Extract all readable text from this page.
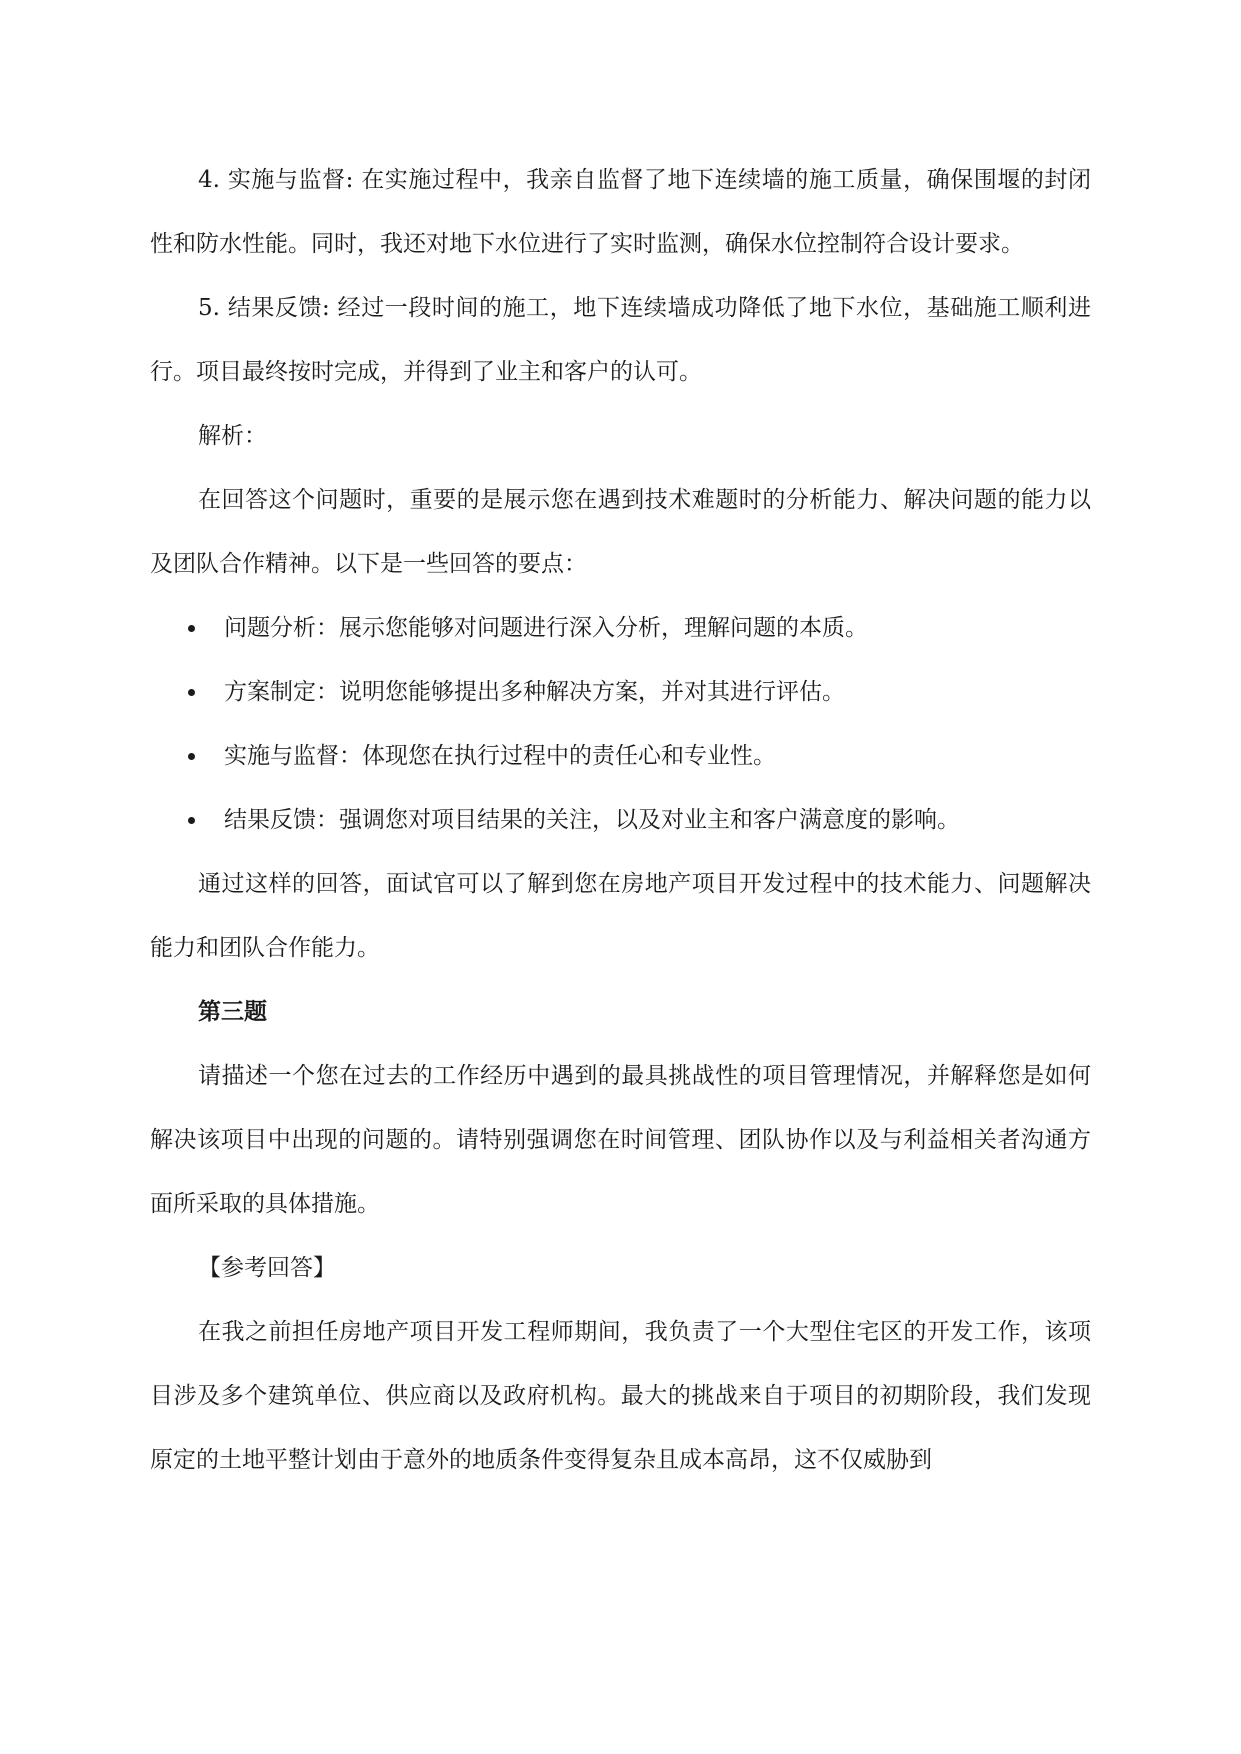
4. 实施与监督: 在实施过程中，我亲自监督了地下连续墙的施工质量，确保围堰的封闭性和防水性能。同时，我还对地下水位进行了实时监测，确保水位控制符合设计要求。

5. 结果反馈: 经过一段时间的施工，地下连续墙成功降低了地下水位，基础施工顺利进行。项目最终按时完成，并得到了业主和客户的认可。

解析：

在回答这个问题时，重要的是展示您在遇到技术难题时的分析能力、解决问题的能力以及团队合作精神。以下是一些回答的要点：

问题分析：展示您能够对问题进行深入分析，理解问题的本质。
方案制定：说明您能够提出多种解决方案，并对其进行评估。
实施与监督：体现您在执行过程中的责任心和专业性。
结果反馈：强调您对项目结果的关注，以及对业主和客户满意度的影响。

通过这样的回答，面试官可以了解到您在房地产项目开发过程中的技术能力、问题解决能力和团队合作能力。

第三题

请描述一个您在过去的工作经历中遇到的最具挑战性的项目管理情况，并解释您是如何解决该项目中出现的问题的。请特别强调您在时间管理、团队协作以及与利益相关者沟通方面所采取的具体措施。

【参考回答】

在我之前担任房地产项目开发工程师期间，我负责了一个大型住宅区的开发工作，该项目涉及多个建筑单位、供应商以及政府机构。最大的挑战来自于项目的初期阶段，我们发现原定的土地平整计划由于意外的地质条件变得复杂且成本高昂，这不仅威胁到
